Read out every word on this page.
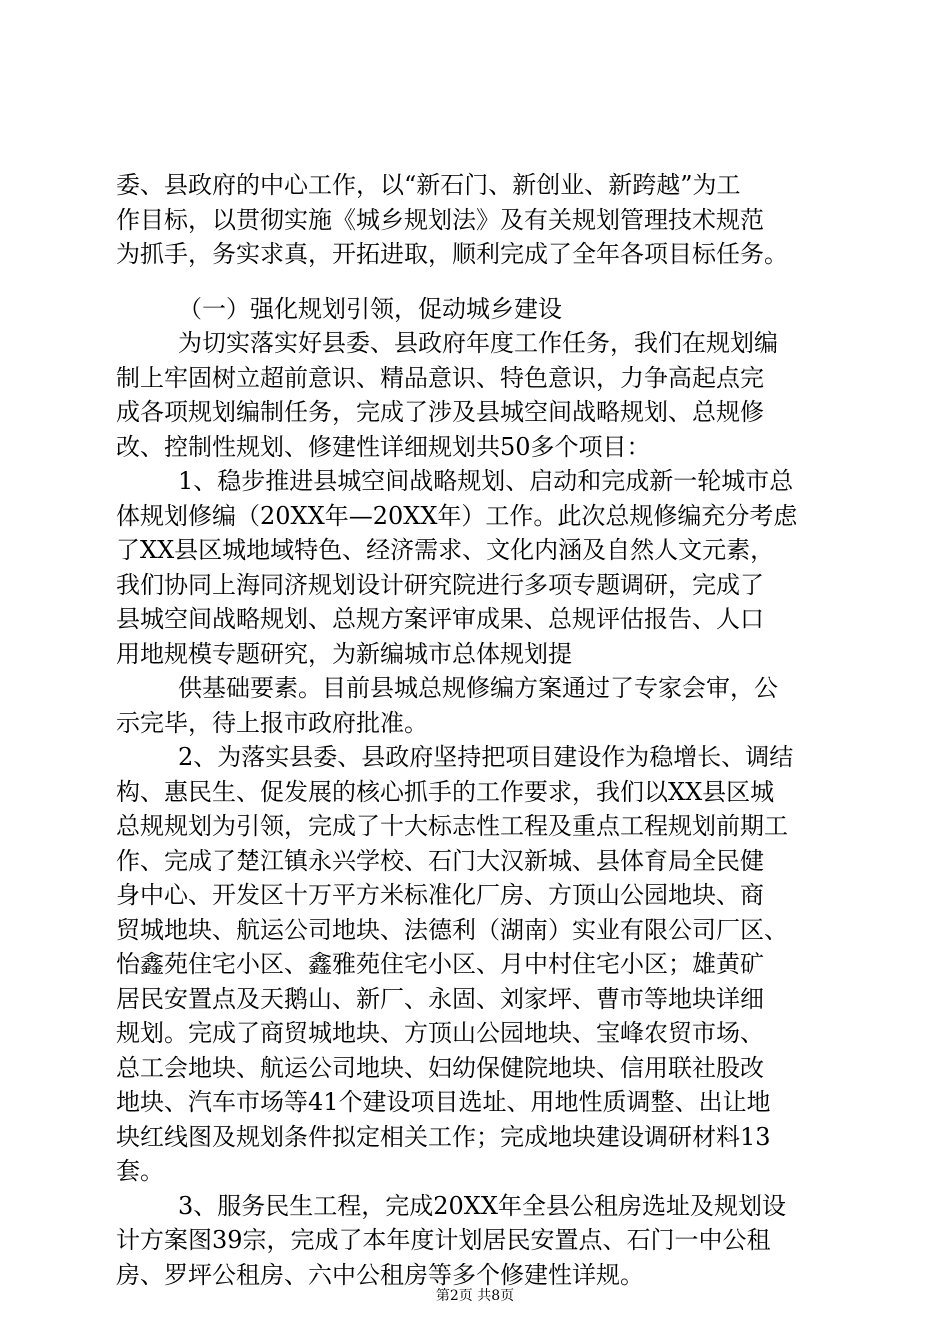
委、县政府的中心工作，以“新石门、新创业、新跨越”为工
作目标，以贯彻实施《城乡规划法》及有关规划管理技术规范
为抓手，务实求真，开拓进取，顺利完成了全年各项目标任务。
（一）强化规划引领，促动城乡建设
为切实落实好县委、县政府年度工作任务，我们在规划编
制上牢固树立超前意识、精品意识、特色意识，力争高起点完
成各项规划编制任务，完成了涉及县城空间战略规划、总规修
改、控制性规划、修建性详细规划共50多个项目：
1、稳步推进县城空间战略规划、启动和完成新一轮城市总
体规划修编（20XX年—20XX年）工作。此次总规修编充分考虑
了XX县区城地域特色、经济需求、文化内涵及自然人文元素，
我们协同上海同济规划设计研究院进行多项专题调研，完成了
县城空间战略规划、总规方案评审成果、总规评估报告、人口
用地规模专题研究，为新编城市总体规划提
供基础要素。目前县城总规修编方案通过了专家会审，公
示完毕，待上报市政府批准。
2、为落实县委、县政府坚持把项目建设作为稳增长、调结
构、惠民生、促发展的核心抓手的工作要求，我们以XX县区城
总规规划为引领，完成了十大标志性工程及重点工程规划前期工
作、完成了楚江镇永兴学校、石门大汉新城、县体育局全民健
身中心、开发区十万平方米标准化厂房、方顶山公园地块、商
贸城地块、航运公司地块、法德利（湖南）实业有限公司厂区、
怡鑫苑住宅小区、鑫雅苑住宅小区、月中村住宅小区；雄黄矿
居民安置点及天鹅山、新厂、永固、刘家坪、曹市等地块详细
规划。完成了商贸城地块、方顶山公园地块、宝峰农贸市场、
总工会地块、航运公司地块、妇幼保健院地块、信用联社股改
地块、汽车市场等41个建设项目选址、用地性质调整、出让地
块红线图及规划条件拟定相关工作；完成地块建设调研材料13
套。
3、服务民生工程，完成20XX年全县公租房选址及规划设
计方案图39宗，完成了本年度计划居民安置点、石门一中公租
房、罗坪公租房、六中公租房等多个修建性详规。
第2页 共8页
